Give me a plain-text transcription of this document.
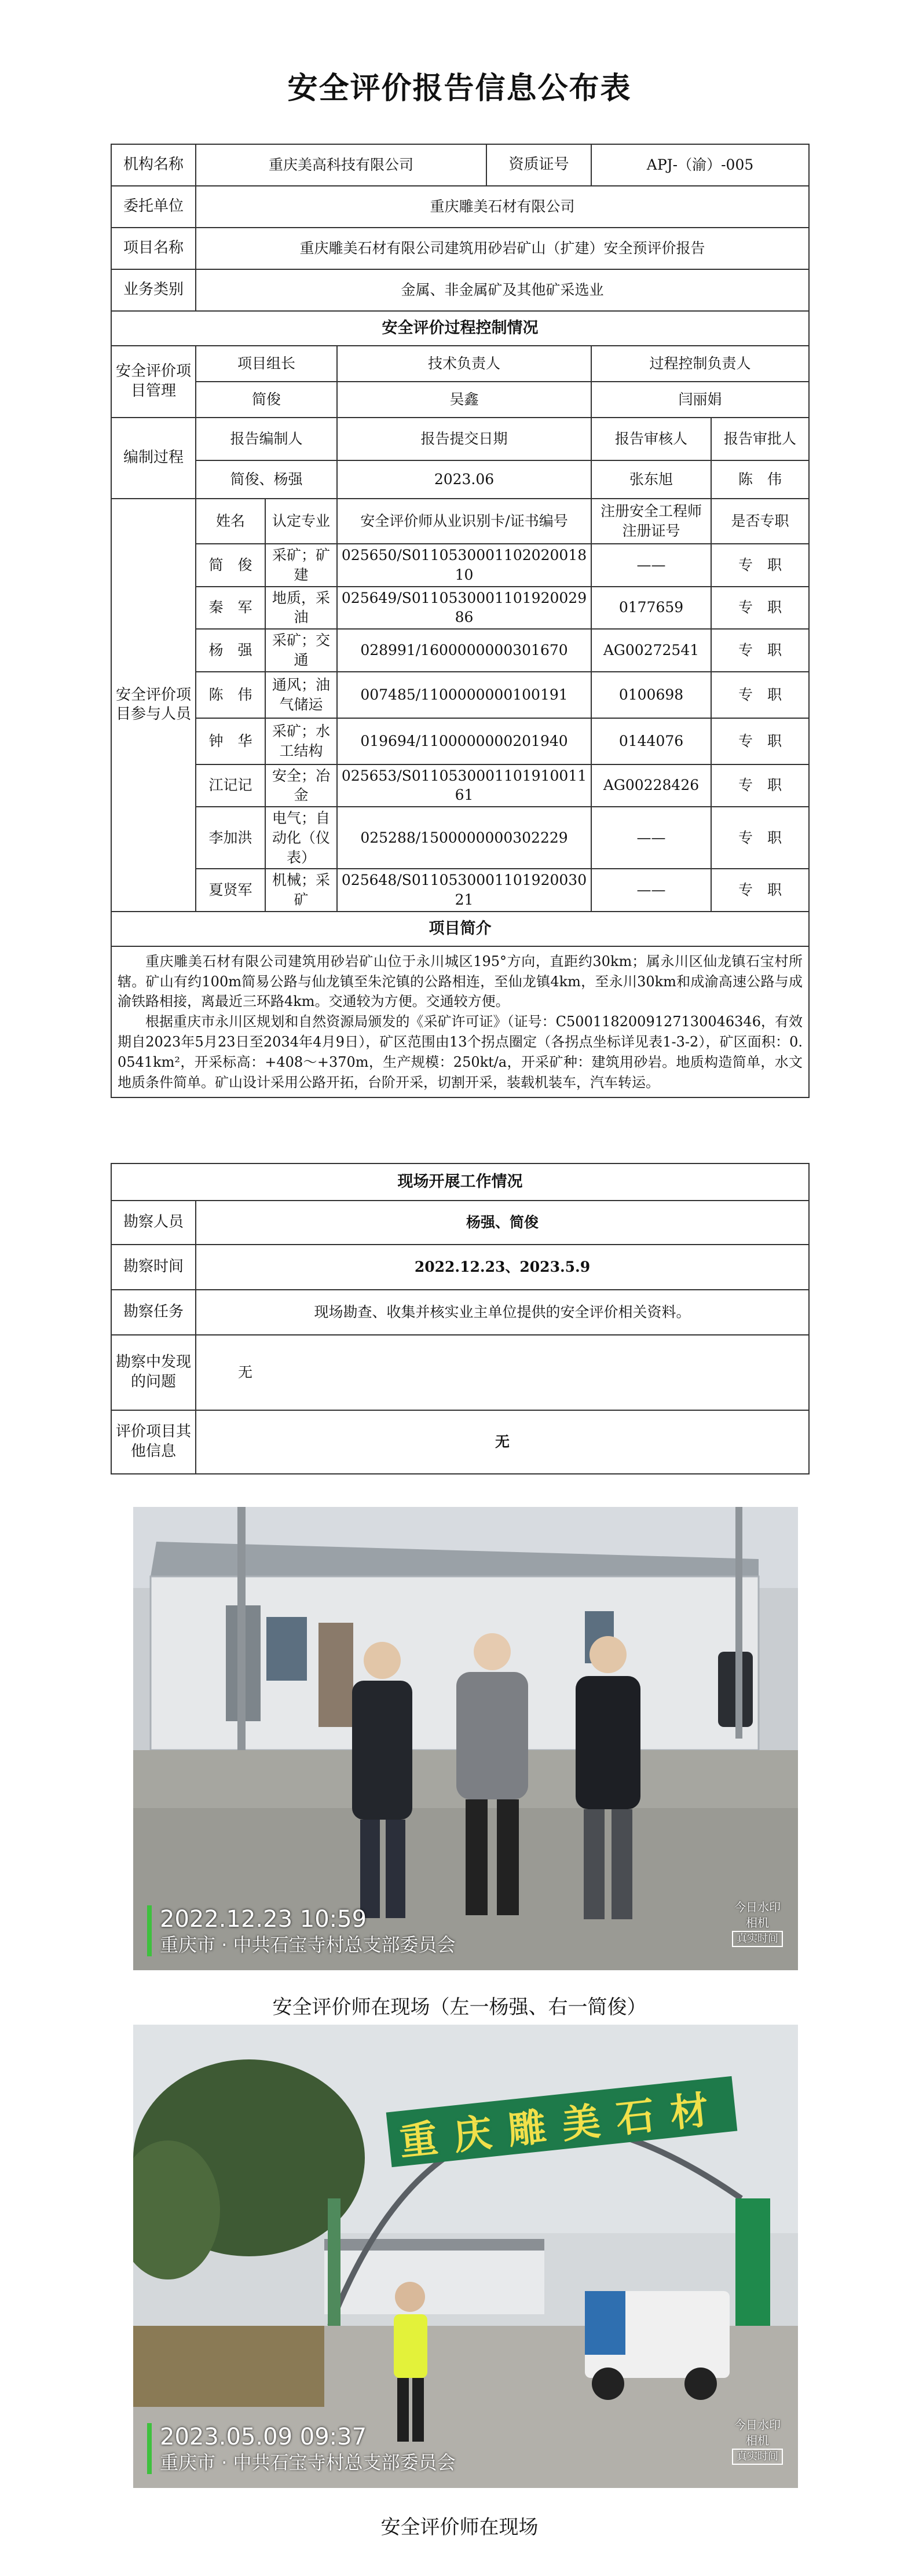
安全评价报告信息公布表
机构名称	重庆美高科技有限公司			资质证号	APJ-（渝）-005	
委托单位	重庆雕美石材有限公司					
项目名称	重庆雕美石材有限公司建筑用砂岩矿山（扩建）安全预评价报告					
业务类别	金属、非金属矿及其他矿采选业					
安全评价过程控制情况						
安全评价项目管理	项目组长		技术负责人		过程控制负责人	
	简俊		吴鑫		闫丽娟	
编制过程	报告编制人		报告提交日期		报告审核人	报告审批人
	简俊、杨强		2023.06		张东旭	陈　伟
安全评价项目参与人员	姓名	认定专业	安全评价师从业识别卡/证书编号		注册安全工程师注册证号	是否专职
	简　俊	采矿；矿建	025650/S011053000110202001810		——	专　职
	秦　军	地质，采油	025649/S011053000110192002986		0177659	专　职
	杨　强	采矿；交通	028991/1600000000301670		AG00272541	专　职
	陈　伟	通风；油气储运	007485/1100000000100191		0100698	专　职
	钟　华	采矿；水工结构	019694/1100000000201940		0144076	专　职
	江记记	安全；冶金	025653/S011053000110191001161		AG00228426	专　职
	李加洪	电气；自动化（仪表）	025288/1500000000302229		——	专　职
	夏贤军	机械；采矿	025648/S011053000110192003021		——	专　职
项目简介						

重庆雕美石材有限公司建筑用砂岩矿山位于永川城区195°方向，直距约30km；属永川区仙龙镇石宝村所辖。矿山有约100m简易公路与仙龙镇至朱沱镇的公路相连，至仙龙镇4km，至永川30km和成渝高速公路与成渝铁路相接，离最近三环路4km。交通较为方便。交通较方便。
根据重庆市永川区规划和自然资源局颁发的《采矿许可证》（证号：C5001182009127130046346，有效期自2023年5月23日至2034年4月9日），矿区范围由13个拐点圈定（各拐点坐标详见表1-3-2），矿区面积：0.0541km²，开采标高：+408～+370m，生产规模：250kt/a，开采矿种：建筑用砂岩。地质构造简单，水文地质条件简单。矿山设计采用公路开拓，台阶开采，切割开采，装载机装车，汽车转运。						
现场开展工作情况	
勘察人员	杨强、简俊
勘察时间	2022.12.23、2023.5.9
勘察任务	现场勘查、收集并核实业主单位提供的安全评价相关资料。
勘察中发现的问题	无
评价项目其他信息	无
2022.12.23 10:59
重庆市 · 中共石宝寺村总支部委员会
今日水印
相机
真实时间
安全评价师在现场（左一杨强、右一简俊）
重庆雕美石材
2023.05.09 09:37
重庆市 · 中共石宝寺村总支部委员会
今日水印
相机
真实时间
安全评价师在现场
